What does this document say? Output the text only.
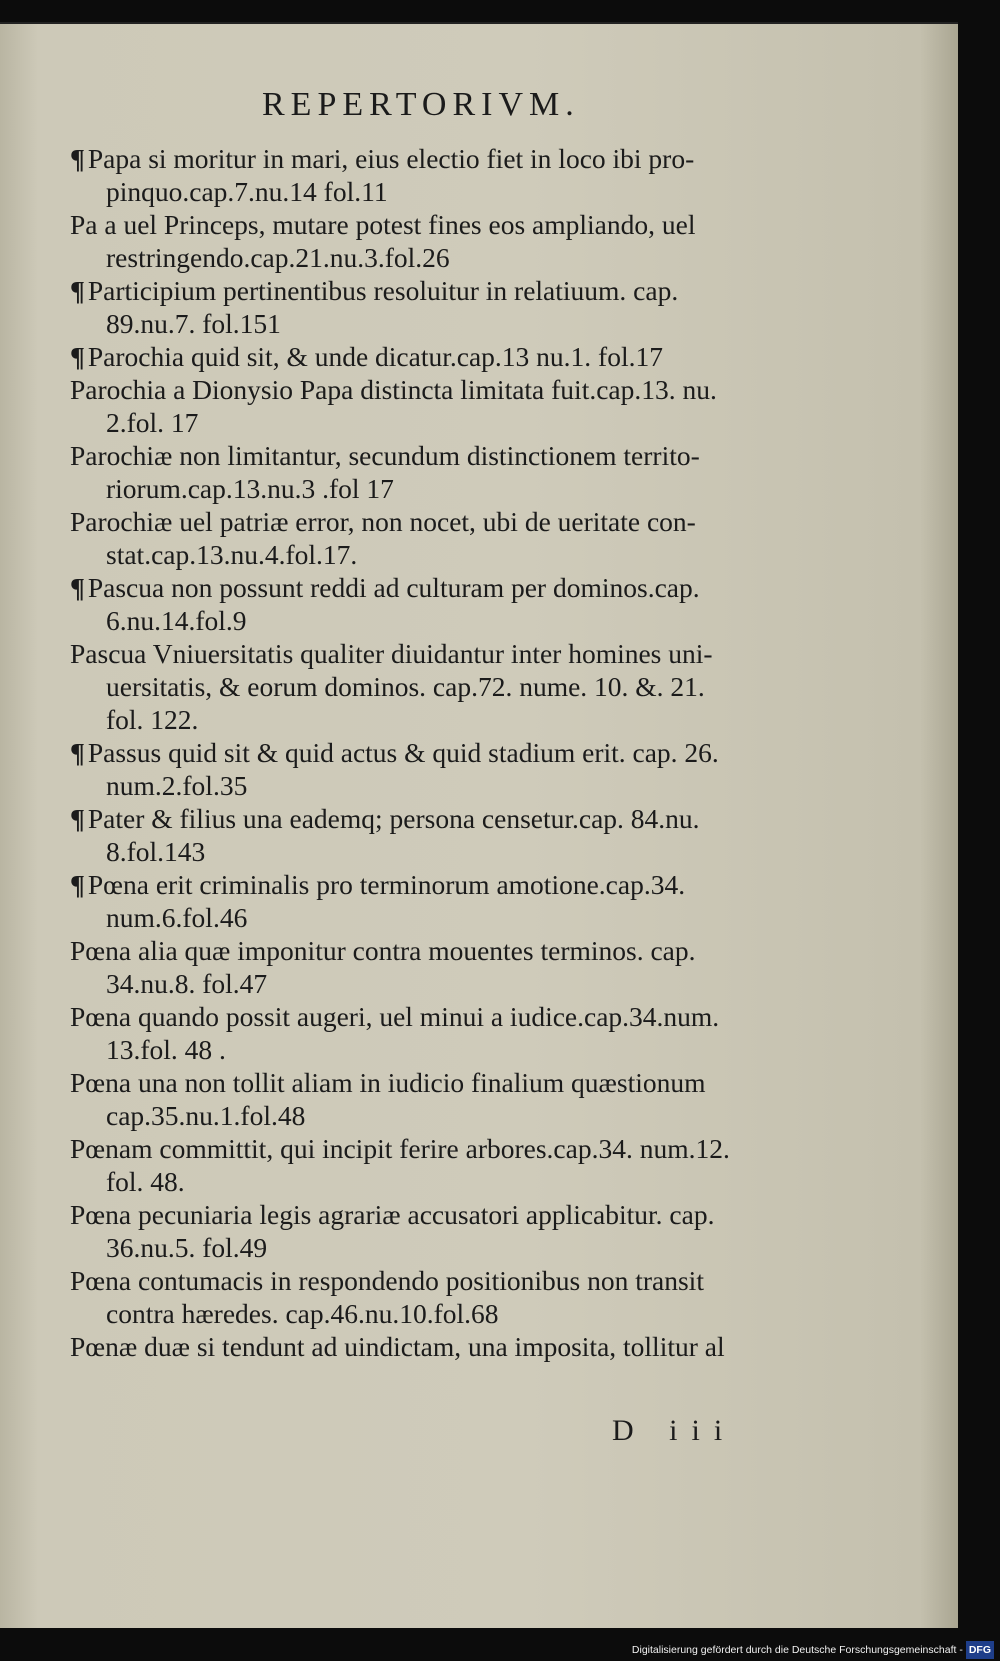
REPERTORIVM.
¶ Papa si moritur in mari, eius electio fiet in loco ibi pro-
pinquo.cap.7.nu.14 fol.11
Pa a uel Princeps, mutare potest fines eos ampliando, uel
restringendo.cap.21.nu.3.fol.26
¶ Participium pertinentibus resoluitur in relatiuum. cap.
89.nu.7. fol.151
¶ Parochia quid sit, & unde dicatur.cap.13 nu.1. fol.17
Parochia a Dionysio Papa distincta limitata fuit.cap.13. nu.
2.fol. 17
Parochiæ non limitantur, secundum distinctionem territo-
riorum.cap.13.nu.3 .fol 17
Parochiæ uel patriæ error, non nocet, ubi de ueritate con-
stat.cap.13.nu.4.fol.17.
¶ Pascua non possunt reddi ad culturam per dominos.cap.
6.nu.14.fol.9
Pascua Vniuersitatis qualiter diuidantur inter homines uni-
uersitatis, & eorum dominos. cap.72. nume. 10. &. 21.
fol. 122.
¶ Passus quid sit & quid actus & quid stadium erit. cap. 26.
num.2.fol.35
¶ Pater & filius una eademq; persona censetur.cap. 84.nu.
8.fol.143
¶ Pœna erit criminalis pro terminorum amotione.cap.34.
num.6.fol.46
Pœna alia quæ imponitur contra mouentes terminos. cap.
34.nu.8. fol.47
Pœna quando possit augeri, uel minui a iudice.cap.34.num.
13.fol. 48 .
Pœna una non tollit aliam in iudicio finalium quæstionum
cap.35.nu.1.fol.48
Pœnam committit, qui incipit ferire arbores.cap.34. num.12.
fol. 48.
Pœna pecuniaria legis agrariæ accusatori applicabitur. cap.
36.nu.5. fol.49
Pœna contumacis in respondendo positionibus non transit
contra hæredes. cap.46.nu.10.fol.68
Pœnæ duæ si tendunt ad uindictam, una imposita, tollitur al
D iii
Digitalisierung gefördert durch die Deutsche Forschungsgemeinschaft - DFG
